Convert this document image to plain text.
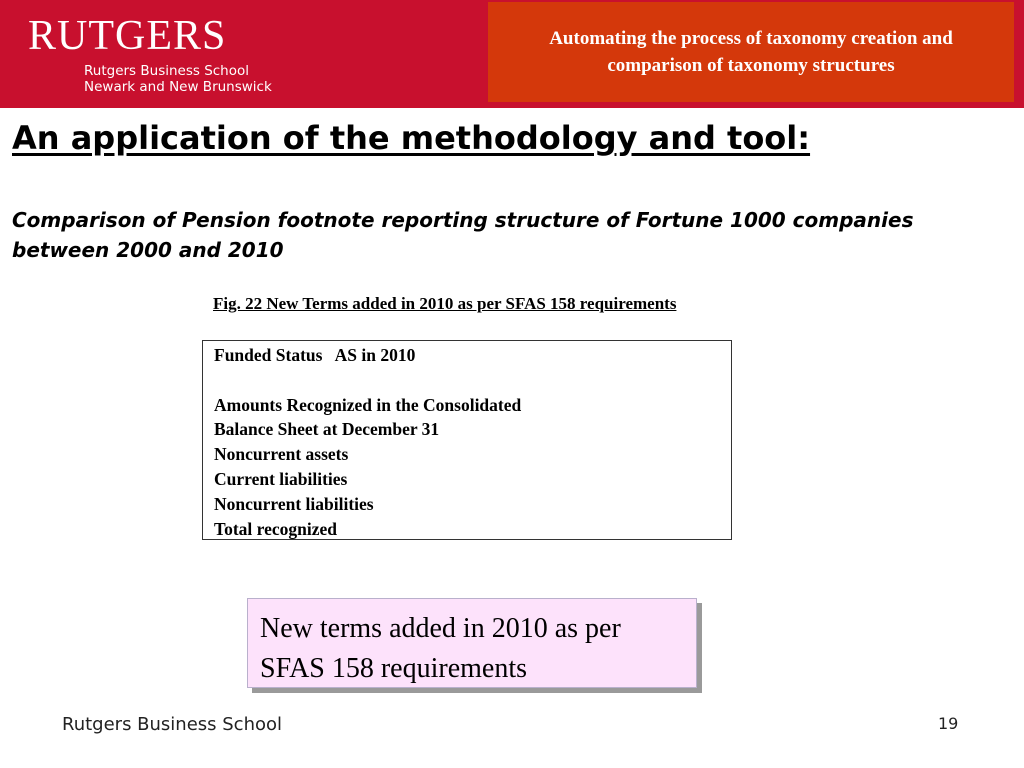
RUTGERS
Rutgers Business School
Newark and New Brunswick
Automating the process of taxonomy creation and comparison of taxonomy structures
An application of the methodology and tool:
Comparison of Pension footnote reporting structure of Fortune 1000 companies between 2000 and 2010
Fig. 22 New Terms added in 2010 as per SFAS 158 requirements
Funded Status   AS in 2010
Amounts Recognized in the Consolidated
Balance Sheet at December 31
Noncurrent assets
Current liabilities
Noncurrent liabilities
Total recognized
New terms added in 2010 as per SFAS 158 requirements
Rutgers Business School	19
